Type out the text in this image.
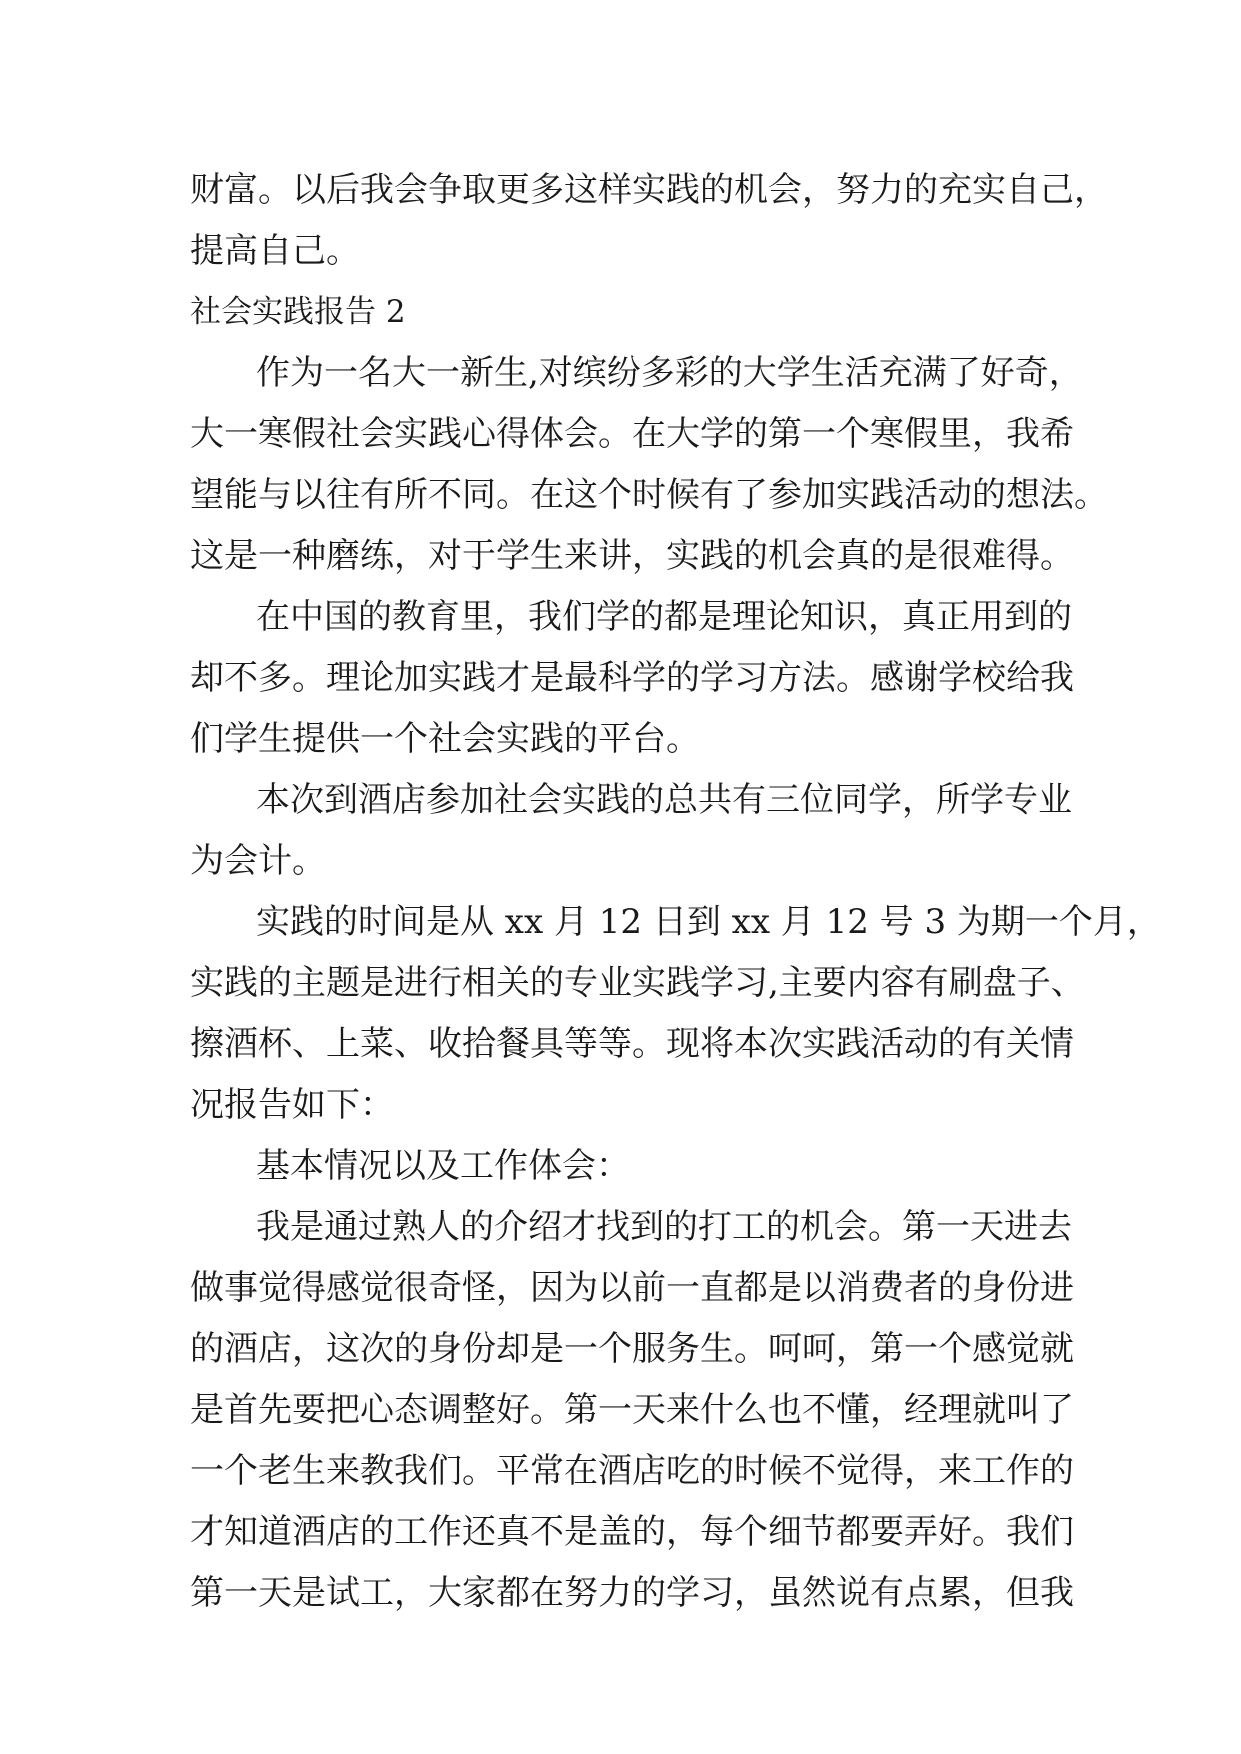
财富。以后我会争取更多这样实践的机会，努力的充实自己，
提高自己。
社会实践报告 2
作为一名大一新生,对缤纷多彩的大学生活充满了好奇，
大一寒假社会实践心得体会。在大学的第一个寒假里，我希
望能与以往有所不同。在这个时候有了参加实践活动的想法。
这是一种磨练，对于学生来讲，实践的机会真的是很难得。
在中国的教育里，我们学的都是理论知识，真正用到的
却不多。理论加实践才是最科学的学习方法。感谢学校给我
们学生提供一个社会实践的平台。
本次到酒店参加社会实践的总共有三位同学，所学专业
为会计。
实践的时间是从 xx 月 12 日到 xx 月 12 号 3 为期一个月，
实践的主题是进行相关的专业实践学习,主要内容有刷盘子、
擦酒杯、上菜、收拾餐具等等。现将本次实践活动的有关情
况报告如下：
基本情况以及工作体会：
我是通过熟人的介绍才找到的打工的机会。第一天进去
做事觉得感觉很奇怪，因为以前一直都是以消费者的身份进
的酒店，这次的身份却是一个服务生。呵呵，第一个感觉就
是首先要把心态调整好。第一天来什么也不懂，经理就叫了
一个老生来教我们。平常在酒店吃的时候不觉得，来工作的
才知道酒店的工作还真不是盖的，每个细节都要弄好。我们
第一天是试工，大家都在努力的学习，虽然说有点累，但我
